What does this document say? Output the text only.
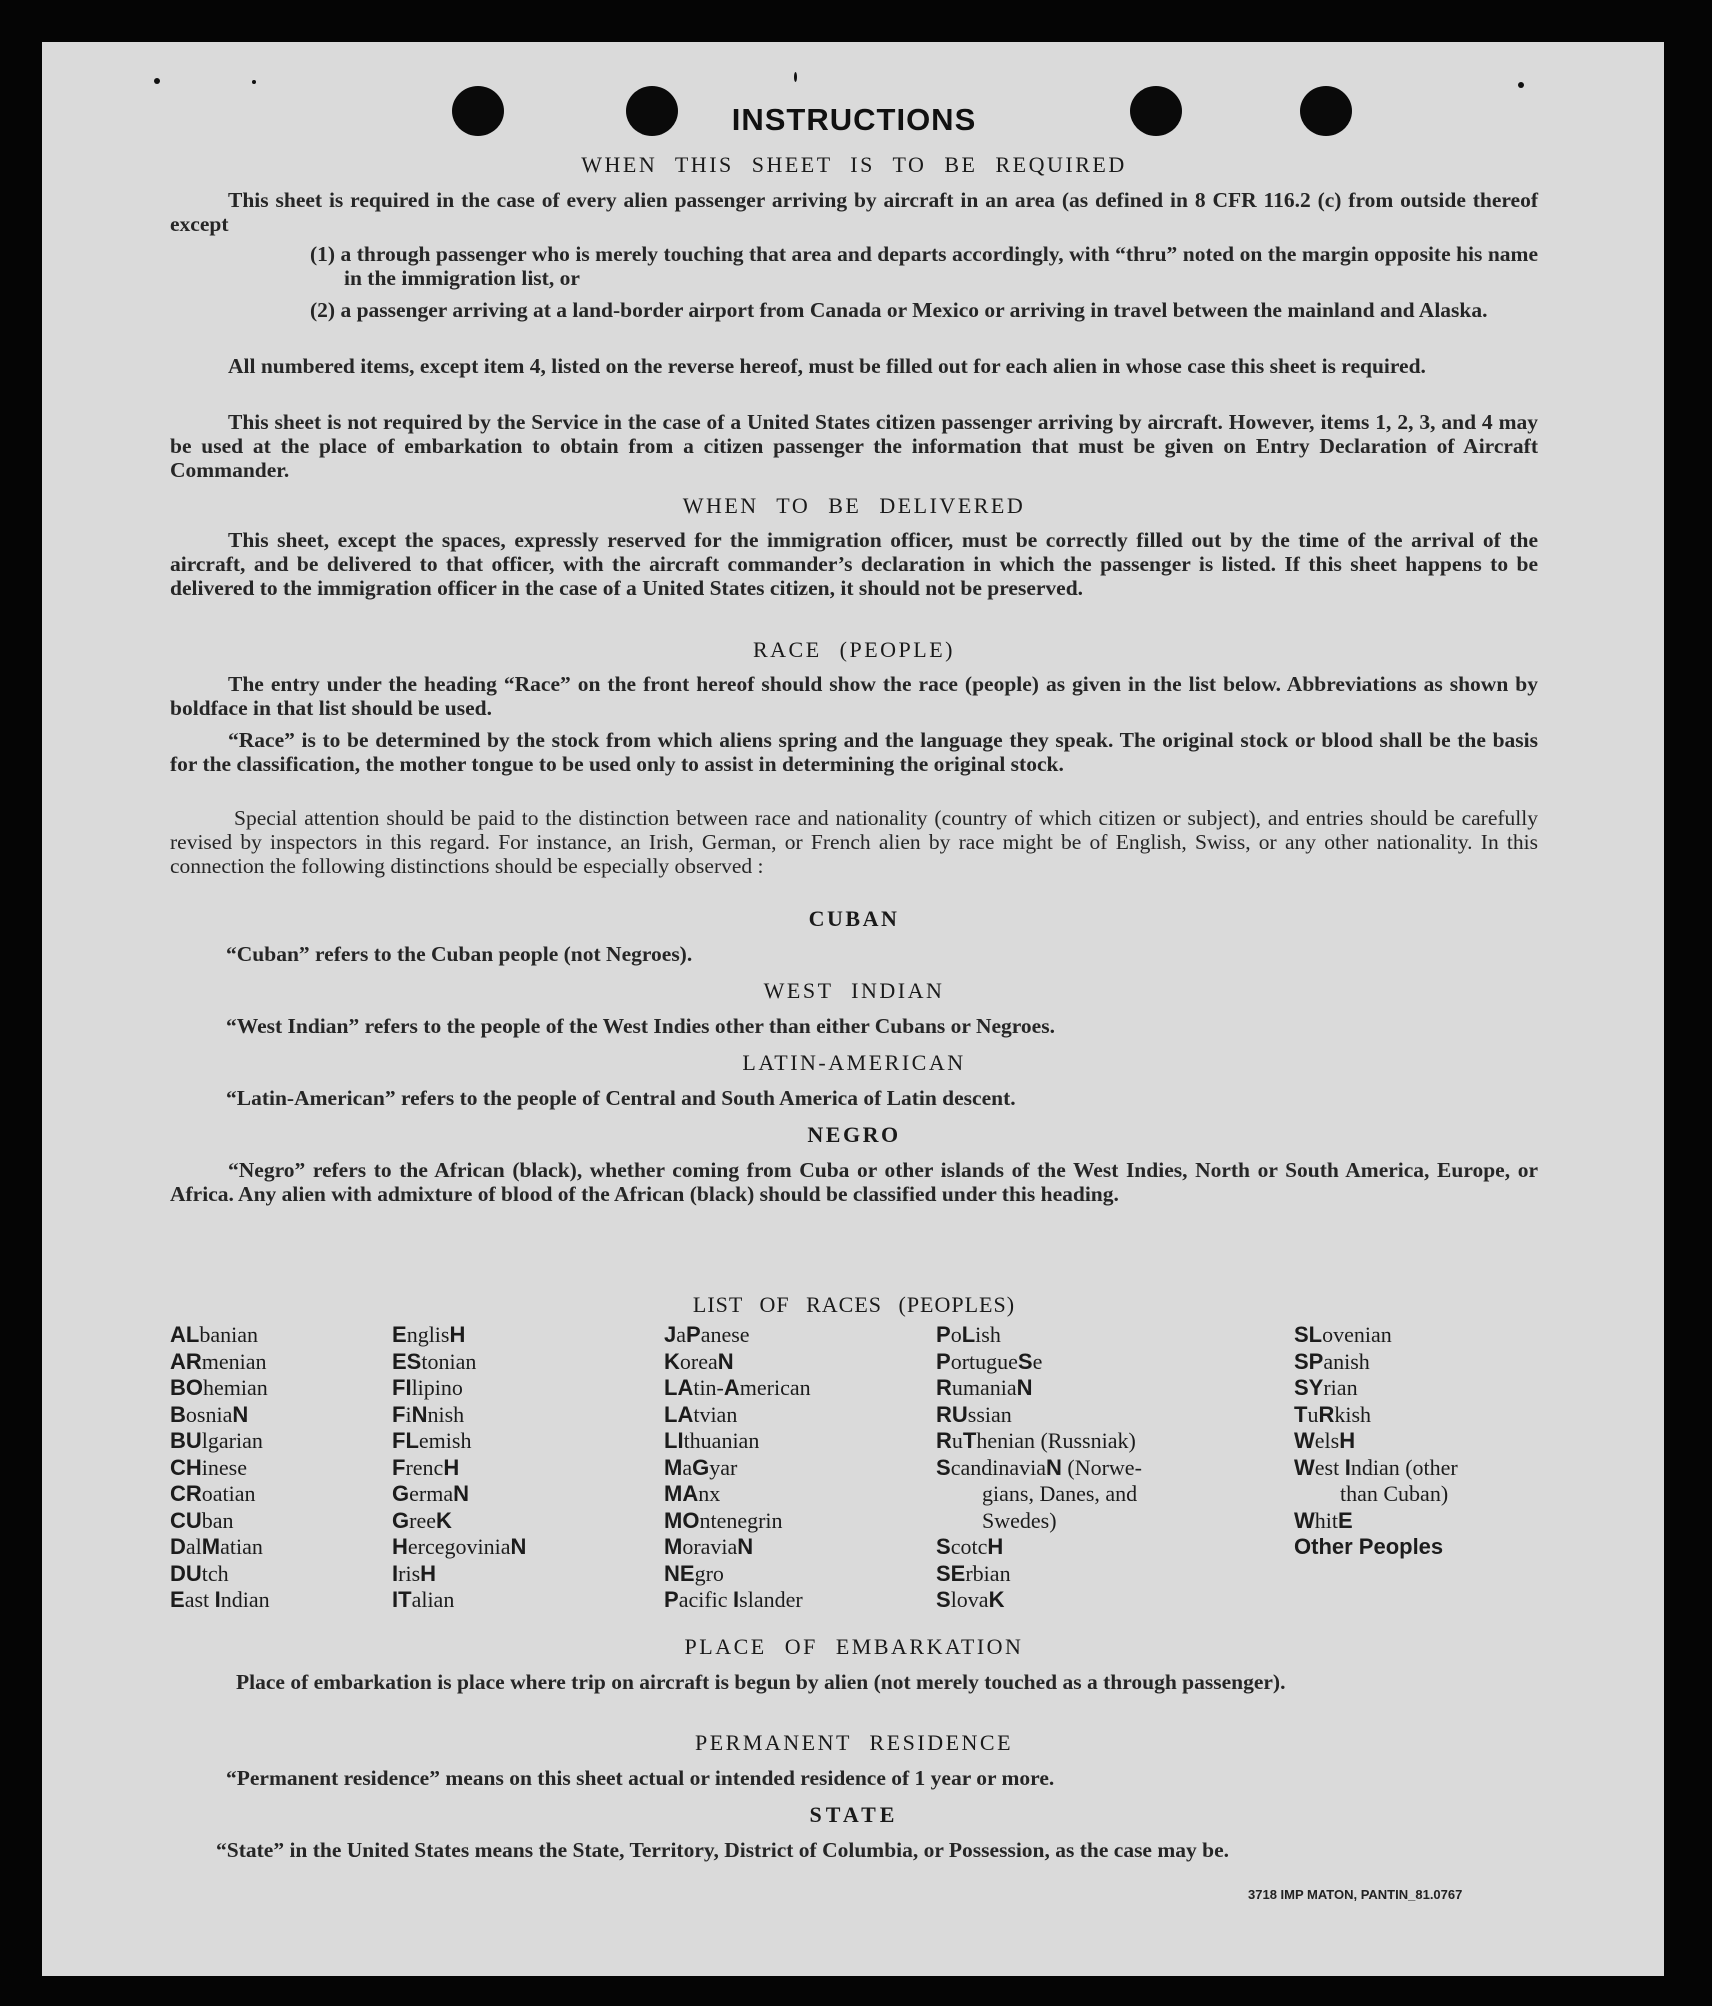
INSTRUCTIONS
WHEN THIS SHEET IS TO BE REQUIRED
This sheet is required in the case of every alien passenger arriving by aircraft in an area (as defined in 8 CFR 116.2 (c) from outside thereof except
(1) a through passenger who is merely touching that area and departs accordingly, with “thru” noted on the margin opposite his name in the immigration list, or
(2) a passenger arriving at a land-border airport from Canada or Mexico or arriving in travel between the mainland and Alaska.
All numbered items, except item 4, listed on the reverse hereof, must be filled out for each alien in whose case this sheet is required.
This sheet is not required by the Service in the case of a United States citizen passenger arriving by aircraft. However, items 1, 2, 3, and 4 may be used at the place of embarkation to obtain from a citizen passenger the information that must be given on Entry Declaration of Aircraft Commander.
WHEN TO BE DELIVERED
This sheet, except the spaces, expressly reserved for the immigration officer, must be correctly filled out by the time of the arrival of the aircraft, and be delivered to that officer, with the aircraft commander’s declaration in which the passenger is listed. If this sheet happens to be delivered to the immigration officer in the case of a United States citizen, it should not be preserved.
RACE (PEOPLE)
The entry under the heading “Race” on the front hereof should show the race (people) as given in the list below. Abbreviations as shown by boldface in that list should be used.
“Race” is to be determined by the stock from which aliens spring and the language they speak. The original stock or blood shall be the basis for the classification, the mother tongue to be used only to assist in determining the original stock.
Special attention should be paid to the distinction between race and nationality (country of which citizen or subject), and entries should be carefully revised by inspectors in this regard. For instance, an Irish, German, or French alien by race might be of English, Swiss, or any other nationality. In this connection the following distinctions should be especially observed :
CUBAN
“Cuban” refers to the Cuban people (not Negroes).
WEST INDIAN
“West Indian” refers to the people of the West Indies other than either Cubans or Negroes.
LATIN-AMERICAN
“Latin-American” refers to the people of Central and South America of Latin descent.
NEGRO
“Negro” refers to the African (black), whether coming from Cuba or other islands of the West Indies, North or South America, Europe, or Africa. Any alien with admixture of blood of the African (black) should be classified under this heading.
LIST OF RACES (PEOPLES)
ALbanian
ARmenian
BOhemian
BosniaN
BUlgarian
CHinese
CRoatian
CUban
DalMatian
DUtch
East Indian
EnglisH
EStonian
FIlipino
FiNnish
FLemish
FrencH
GermaN
GreeK
HercegoviniaN
IrisH
ITalian
JaPanese
KoreaN
LAtin-American
LAtvian
LIthuanian
MaGyar
MAnx
MOntenegrin
MoraviaN
NEgro
Pacific Islander
PoLish
PortugueSe
RumaniaN
RUssian
RuThenian (Russniak)
ScandinaviaN (Norwe-
gians, Danes, and
Swedes)
ScotcH
SErbian
SlovaK
SLovenian
SPanish
SYrian
TuRkish
WelsH
West Indian (other
than Cuban)
WhitE
Other Peoples
PLACE OF EMBARKATION
Place of embarkation is place where trip on aircraft is begun by alien (not merely touched as a through passenger).
PERMANENT RESIDENCE
“Permanent residence” means on this sheet actual or intended residence of 1 year or more.
STATE
“State” in the United States means the State, Territory, District of Columbia, or Possession, as the case may be.
3718 IMP MATON, PANTIN_81.0767
